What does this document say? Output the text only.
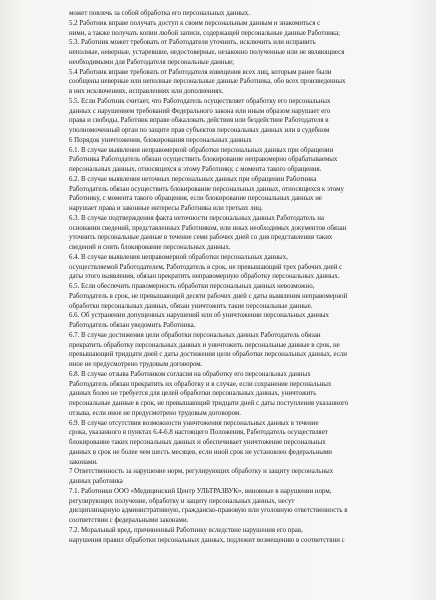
может повлечь за собой обработка его персональных данных.
5.2 Работник вправе получать доступ к своим персональным данным и знакомиться с
ними, а также получать копии любой записи, содержащей персональные данные Работника;
5.3. Работник может требовать от Работодателя уточнить, исключить или исправить
неполные, неверные, устаревшие, недостоверные, незаконно полученные или не являющиеся
необходимыми для Работодателя персональные данные;
5.4 Работник вправе требовать от Работодателя извещения всех лиц, которым ранее были
сообщены неверные или неполные персональные данные Работника, обо всех произведенных
в них исключениях, исправлениях или дополнениях.
5.5. Если Работник считает, что Работодатель осуществляет обработку его персональных
данных с нарушением требований Федерального закона или иным образом нарушает его
права и свободы, Работник вправе обжаловать действия или бездействие Работодателя в
уполномоченный орган по защите прав субъектов персональных данных или в судебном
6 Порядок уничтожения, блокирования персональных данных
6.1. В случае выявления неправомерной обработки персональных данных при обращении
Работника Работодатель обязан осуществить блокирование неправомерно обрабатываемых
персональных данных, относящихся к этому Работнику, с момента такого обращения.
6.2. В случае выявления неточных персональных данных при обращении Работника
Работодатель обязан осуществить блокирование персональных данных, относящихся к этому
Работнику, с момента такого обращения, если блокирование персональных данных не
нарушает права и законные интересы Работника или третьих лиц.
6.3. В случае подтверждения факта неточности персональных данных Работодатель на
основании сведений, представленных Работником, или иных необходимых документов обязан
уточнить персональные данные в течение семи рабочих дней со дня представления таких
сведений и снять блокирование персональных данных.
6.4. В случае выявления неправомерной обработки персональных данных,
осуществляемой Работодателем, Работодатель в срок, не превышающий трех рабочих дней с
даты этого выявления, обязан прекратить неправомерную обработку персональных данных.
6.5. Если обеспечить правомерность обработки персональных данных невозможно,
Работодатель в срок, не превышающий десяти рабочих дней с даты выявления неправомерной
обработки персональных данных, обязан уничтожить такие персональные данные.
6.6. Об устранении допущенных нарушений или об уничтожении персональных данных
Работодатель обязан уведомить Работника.
6.7. В случае достижения цели обработки персональных данных Работодатель обязан
прекратить обработку персональных данных и уничтожить персональные данные в срок, не
превышающий тридцати дней с даты достижения цели обработки персональных данных, если
иное не предусмотрено трудовым договором.
6.8. В случае отзыва Работником согласия на обработку его персональных данных
Работодатель обязан прекратить их обработку и в случае, если сохранение персональных
данных более не требуется для целей обработки персональных данных, уничтожить
персональные данные в срок, не превышающий тридцати дней с даты поступления указанного
отзыва, если иное не предусмотрено трудовым договором.
6.9. В случае отсутствия возможности уничтожения персональных данных в течение
срока, указанного в пунктах 6.4-6.8 настоящего Положения, Работодатель осуществляет
блокирование таких персональных данных и обеспечивает уничтожение персональных
данных в срок не более чем шесть месяцев, если иной срок не установлен федеральными
законами.
7 Ответственность за нарушение норм, регулирующих обработку и защиту персональных
данных работника
7.1. Работники ООО «Медицинский Центр УЛЬТРАЗВУК», виновные в нарушении норм,
регулирующих получение, обработку и защиту персональных данных, несут
дисциплинарную административную, гражданско-правовую или уголовную ответственность в
соответствии с федеральными законами.
7.2. Моральный вред, причиненный Работнику вследствие нарушения его прав,
нарушения правил обработки персональных данных, подлежит возмещению в соответствии с
